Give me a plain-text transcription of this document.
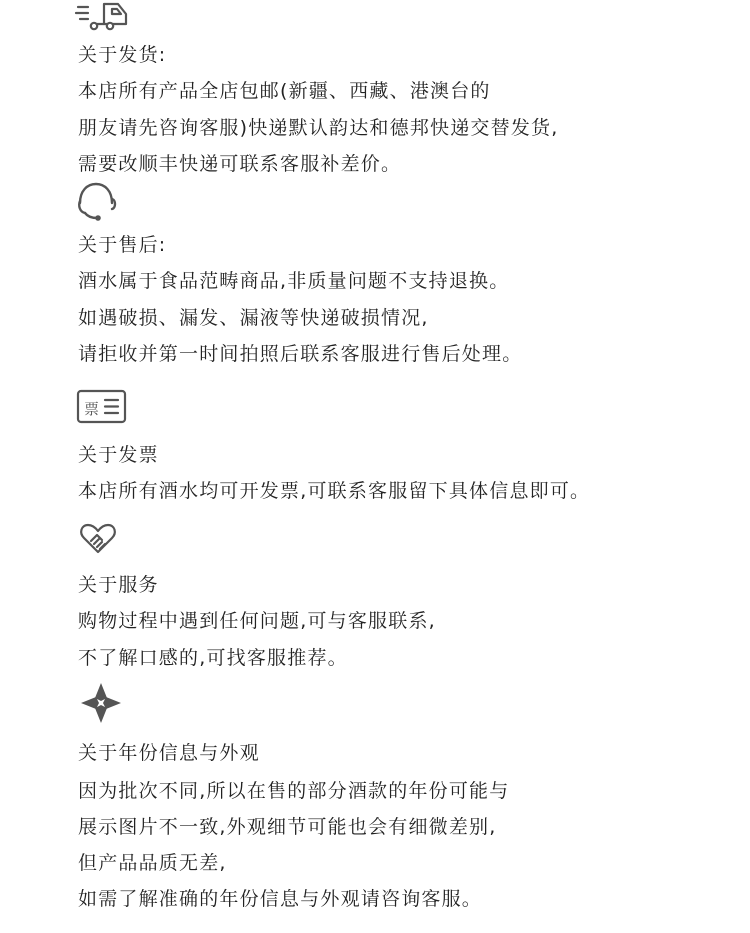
关于发货:
本店所有产品全店包邮(新疆、西藏、港澳台的
朋友请先咨询客服)快递默认韵达和德邦快递交替发货,
需要改顺丰快递可联系客服补差价。
关于售后:
酒水属于食品范畴商品,非质量问题不支持退换。
如遇破损、漏发、漏液等快递破损情况,
请拒收并第一时间拍照后联系客服进行售后处理。
票
关于发票
本店所有酒水均可开发票,可联系客服留下具体信息即可。
关于服务
购物过程中遇到任何问题,可与客服联系,
不了解口感的,可找客服推荐。
关于年份信息与外观
因为批次不同,所以在售的部分酒款的年份可能与
展示图片不一致,外观细节可能也会有细微差别,
但产品品质无差,
如需了解准确的年份信息与外观请咨询客服。
